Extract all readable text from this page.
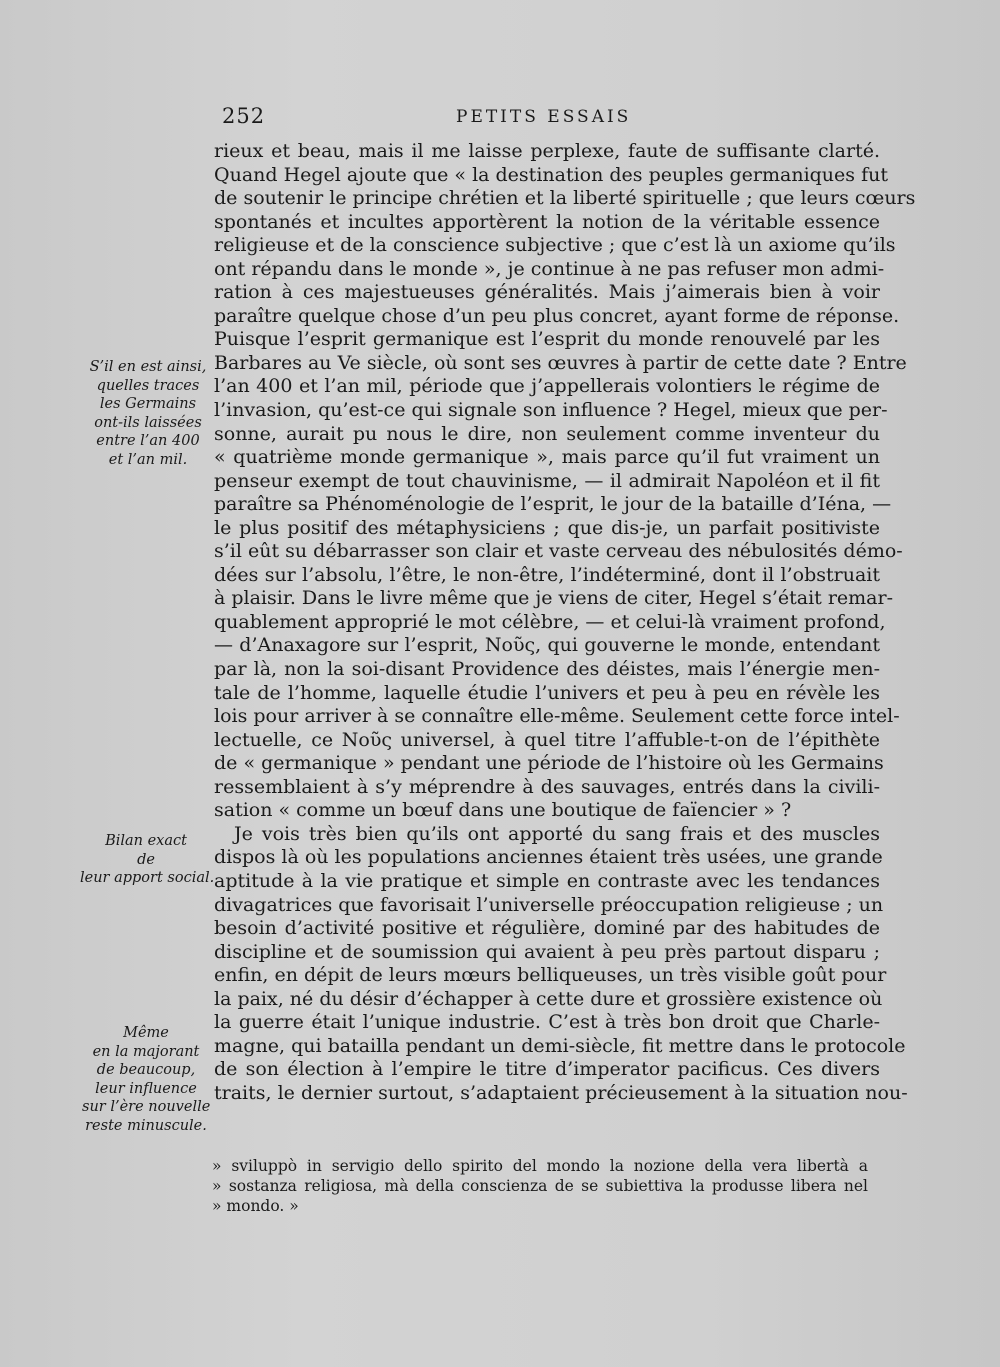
252	PETITS ESSAIS
S’il en est ainsi,
quelles traces
les Germains
ont-ils laissées
entre l’an 400
et l’an mil.
Bilan exact
de
leur apport social.
Même
en la majorant
de beaucoup,
leur influence
sur l’ère nouvelle
reste minuscule.
rieux et beau, mais il me laisse perplexe, faute de suffisante clarté.
Quand Hegel ajoute que « la destination des peuples germaniques fut
de soutenir le principe chrétien et la liberté spirituelle ; que leurs cœurs
spontanés et incultes apportèrent la notion de la véritable essence
religieuse et de la conscience subjective ; que c’est là un axiome qu’ils
ont répandu dans le monde », je continue à ne pas refuser mon admi-
ration à ces majestueuses généralités. Mais j’aimerais bien à voir
paraître quelque chose d’un peu plus concret, ayant forme de réponse.
Puisque l’esprit germanique est l’esprit du monde renouvelé par les
Barbares au Ve siècle, où sont ses œuvres à partir de cette date ? Entre
l’an 400 et l’an mil, période que j’appellerais volontiers le régime de
l’invasion, qu’est-ce qui signale son influence ? Hegel, mieux que per-
sonne, aurait pu nous le dire, non seulement comme inventeur du
« quatrième monde germanique », mais parce qu’il fut vraiment un
penseur exempt de tout chauvinisme, — il admirait Napoléon et il fit
paraître sa Phénoménologie de l’esprit, le jour de la bataille d’Iéna, —
le plus positif des métaphysiciens ; que dis-je, un parfait positiviste
s’il eût su débarrasser son clair et vaste cerveau des nébulosités démo-
dées sur l’absolu, l’être, le non-être, l’indéterminé, dont il l’obstruait
à plaisir. Dans le livre même que je viens de citer, Hegel s’était remar-
quablement approprié le mot célèbre, — et celui-là vraiment profond,
— d’Anaxagore sur l’esprit, Νοῦς, qui gouverne le monde, entendant
par là, non la soi-disant Providence des déistes, mais l’énergie men-
tale de l’homme, laquelle étudie l’univers et peu à peu en révèle les
lois pour arriver à se connaître elle-même. Seulement cette force intel-
lectuelle, ce Νοῦς universel, à quel titre l’affuble-t-on de l’épithète
de « germanique » pendant une période de l’histoire où les Germains
ressemblaient à s’y méprendre à des sauvages, entrés dans la civili-
sation « comme un bœuf dans une boutique de faïencier » ?
Je vois très bien qu’ils ont apporté du sang frais et des muscles
dispos là où les populations anciennes étaient très usées, une grande
aptitude à la vie pratique et simple en contraste avec les tendances
divagatrices que favorisait l’universelle préoccupation religieuse ; un
besoin d’activité positive et régulière, dominé par des habitudes de
discipline et de soumission qui avaient à peu près partout disparu ;
enfin, en dépit de leurs mœurs belliqueuses, un très visible goût pour
la paix, né du désir d’échapper à cette dure et grossière existence où
la guerre était l’unique industrie. C’est à très bon droit que Charle-
magne, qui batailla pendant un demi-siècle, fit mettre dans le protocole
de son élection à l’empire le titre d’imperator pacificus. Ces divers
traits, le dernier surtout, s’adaptaient précieusement à la situation nou-
» sviluppò in servigio dello spirito del mondo la nozione della vera libertà a
» sostanza religiosa, mà della conscienza de se subiettiva la produsse libera nel
» mondo. »
